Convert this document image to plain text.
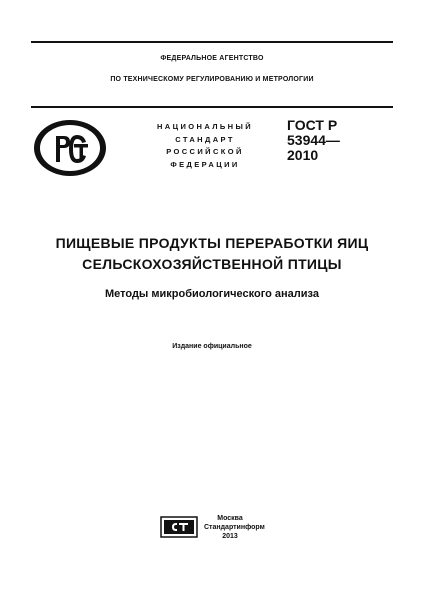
ФЕДЕРАЛЬНОЕ АГЕНТСТВО
ПО ТЕХНИЧЕСКОМУ РЕГУЛИРОВАНИЮ И МЕТРОЛОГИИ
НАЦИОНАЛЬНЫЙ
СТАНДАРТ
РОССИЙСКОЙ
ФЕДЕРАЦИИ
ГОСТ Р
53944—
2010
ПИЩЕВЫЕ ПРОДУКТЫ ПЕРЕРАБОТКИ ЯИЦ
СЕЛЬСКОХОЗЯЙСТВЕННОЙ ПТИЦЫ
Методы микробиологического анализа
Издание официальное
Москва
Стандартинформ
2013
